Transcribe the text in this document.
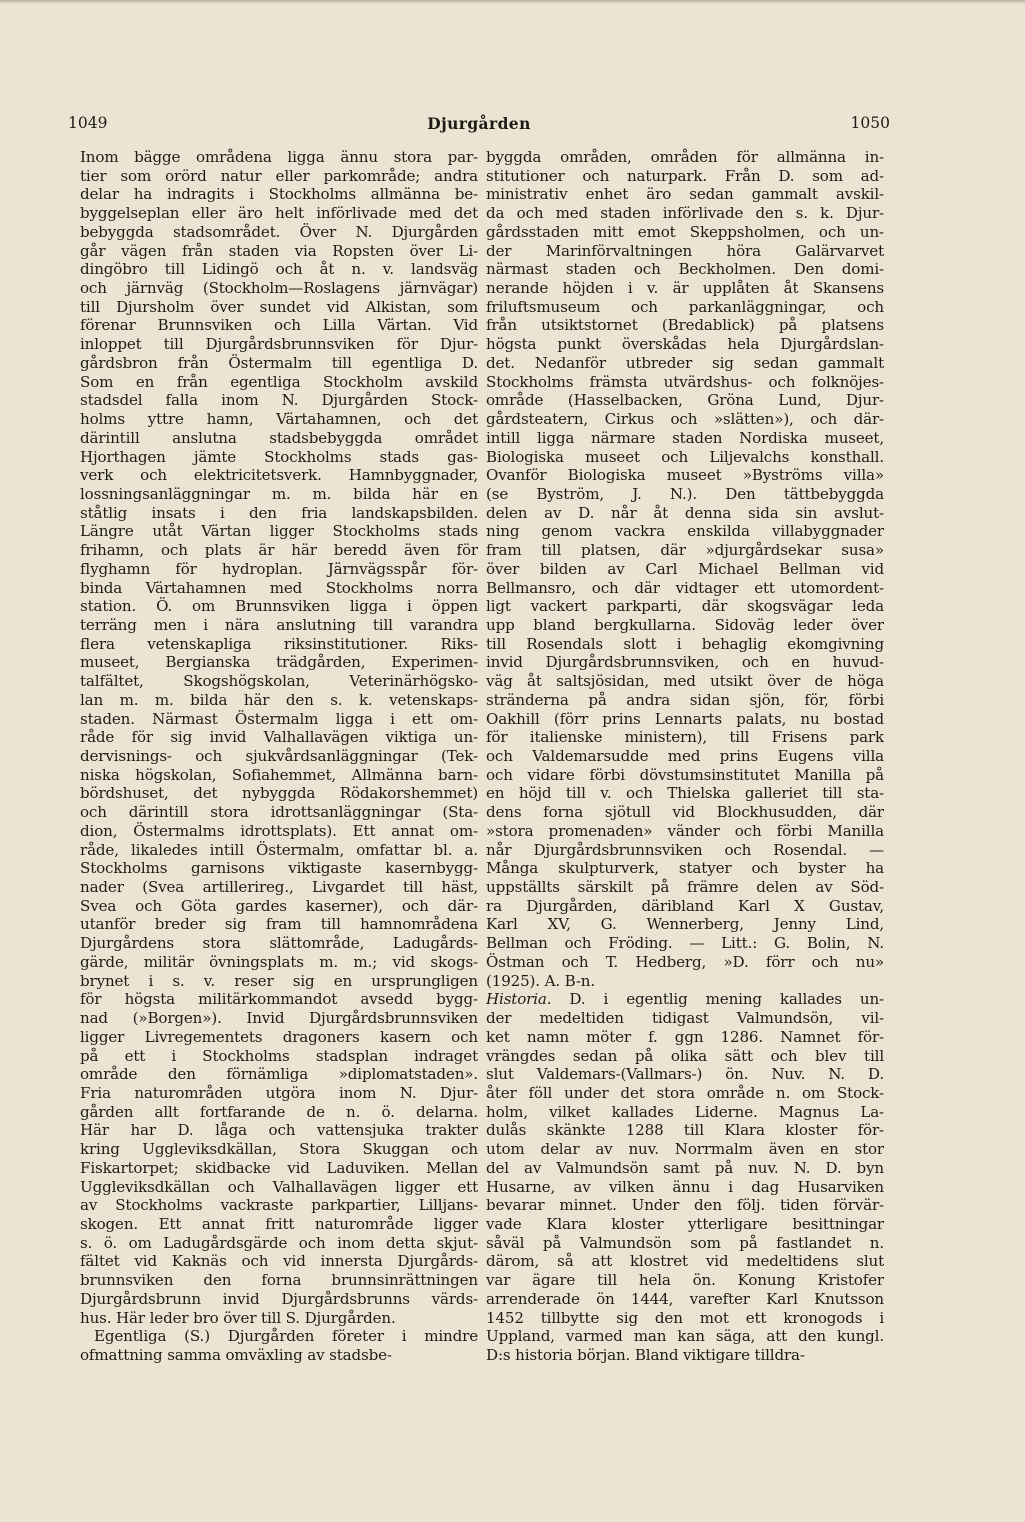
1049	Djurgården	1050
Inom bägge områdena ligga ännu stora par-
tier som orörd natur eller parkområde; andra
delar ha indragits i Stockholms allmänna be-
byggelseplan eller äro helt införlivade med det
bebyggda stadsområdet. Över N. Djurgården
går vägen från staden via Ropsten över Li-
dingöbro till Lidingö och åt n. v. landsväg
och järnväg (Stockholm—Roslagens järnvägar)
till Djursholm över sundet vid Alkistan, som
förenar Brunnsviken och Lilla Värtan. Vid
inloppet till Djurgårdsbrunnsviken för Djur-
gårdsbron från Östermalm till egentliga D.
Som en från egentliga Stockholm avskild
stadsdel falla inom N. Djurgården Stock-
holms yttre hamn, Värtahamnen, och det
därintill anslutna stadsbebyggda området
Hjorthagen jämte Stockholms stads gas-
verk och elektricitetsverk. Hamnbyggnader,
lossningsanläggningar m. m. bilda här en
ståtlig insats i den fria landskapsbilden.
Längre utåt Värtan ligger Stockholms stads
frihamn, och plats är här beredd även för
flyghamn för hydroplan. Järnvägsspår för-
binda Värtahamnen med Stockholms norra
station. Ö. om Brunnsviken ligga i öppen
terräng men i nära anslutning till varandra
flera vetenskapliga riksinstitutioner. Riks-
museet, Bergianska trädgården, Experimen-
talfältet, Skogshögskolan, Veterinärhögsko-
lan m. m. bilda här den s. k. vetenskaps-
staden. Närmast Östermalm ligga i ett om-
råde för sig invid Valhallavägen viktiga un-
dervisnings- och sjukvårdsanläggningar (Tek-
niska högskolan, Sofiahemmet, Allmänna barn-
bördshuset, det nybyggda Rödakorshemmet)
och därintill stora idrottsanläggningar (Sta-
dion, Östermalms idrottsplats). Ett annat om-
råde, likaledes intill Östermalm, omfattar bl. a.
Stockholms garnisons viktigaste kasernbygg-
nader (Svea artillerireg., Livgardet till häst,
Svea och Göta gardes kaserner), och där-
utanför breder sig fram till hamnområdena
Djurgårdens stora slättområde, Ladugårds-
gärde, militär övningsplats m. m.; vid skogs-
brynet i s. v. reser sig en ursprungligen
för högsta militärkommandot avsedd bygg-
nad (»Borgen»). Invid Djurgårdsbrunnsviken
ligger Livregementets dragoners kasern och
på ett i Stockholms stadsplan indraget
område den förnämliga »diplomatstaden».
Fria naturområden utgöra inom N. Djur-
gården allt fortfarande de n. ö. delarna.
Här har D. låga och vattensjuka trakter
kring Uggleviksdkällan, Stora Skuggan och
Fiskartorpet; skidbacke vid Laduviken. Mellan
Uggleviksdkällan och Valhallavägen ligger ett
av Stockholms vackraste parkpartier, Lilljans-
skogen. Ett annat fritt naturområde ligger
s. ö. om Ladugårdsgärde och inom detta skjut-
fältet vid Kaknäs och vid innersta Djurgårds-
brunnsviken den forna brunnsinrättningen
Djurgårdsbrunn invid Djurgårdsbrunns värds-
hus. Här leder bro över till S. Djurgården.
Egentliga (S.) Djurgården företer i mindre
ofmattning samma omväxling av stadsbe-
byggda områden, områden för allmänna in-
stitutioner och naturpark. Från D. som ad-
ministrativ enhet äro sedan gammalt avskil-
da och med staden införlivade den s. k. Djur-
gårdsstaden mitt emot Skeppsholmen, och un-
der Marinförvaltningen höra Galärvarvet
närmast staden och Beckholmen. Den domi-
nerande höjden i v. är upplåten åt Skansens
friluftsmuseum och parkanläggningar, och
från utsiktstornet (Bredablick) på platsens
högsta punkt överskådas hela Djurgårdslan-
det. Nedanför utbreder sig sedan gammalt
Stockholms främsta utvärdshus- och folknöjes-
område (Hasselbacken, Gröna Lund, Djur-
gårdsteatern, Cirkus och »slätten»), och där-
intill ligga närmare staden Nordiska museet,
Biologiska museet och Liljevalchs konsthall.
Ovanför Biologiska museet »Byströms villa»
(se Byström, J. N.). Den tättbebyggda
delen av D. når åt denna sida sin avslut-
ning genom vackra enskilda villabyggnader
fram till platsen, där »djurgårdsekar susa»
över bilden av Carl Michael Bellman vid
Bellmansro, och där vidtager ett utomordent-
ligt vackert parkparti, där skogsvägar leda
upp bland bergkullarna. Sidoväg leder över
till Rosendals slott i behaglig ekomgivning
invid Djurgårdsbrunnsviken, och en huvud-
väg åt saltsjösidan, med utsikt över de höga
stränderna på andra sidan sjön, för, förbi
Oakhill (förr prins Lennarts palats, nu bostad
för italienske ministern), till Frisens park
och Valdemarsudde med prins Eugens villa
och vidare förbi dövstumsinstitutet Manilla på
en höjd till v. och Thielska galleriet till sta-
dens forna sjötull vid Blockhusudden, där
»stora promenaden» vänder och förbi Manilla
når Djurgårdsbrunnsviken och Rosendal. —
Många skulpturverk, statyer och byster ha
uppställts särskilt på främre delen av Söd-
ra Djurgården, däribland Karl X Gustav,
Karl XV, G. Wennerberg, Jenny Lind,
Bellman och Fröding. — Litt.: G. Bolin, N.
Östman och T. Hedberg, »D. förr och nu»
(1925). A. B-n.
Historia. D. i egentlig mening kallades un-
der medeltiden tidigast Valmundsön, vil-
ket namn möter f. ggn 1286. Namnet för-
vrängdes sedan på olika sätt och blev till
slut Valdemars-(Vallmars-) ön. Nuv. N. D.
åter föll under det stora område n. om Stock-
holm, vilket kallades Liderne. Magnus La-
dulås skänkte 1288 till Klara kloster för-
utom delar av nuv. Norrmalm även en stor
del av Valmundsön samt på nuv. N. D. byn
Husarne, av vilken ännu i dag Husarviken
bevarar minnet. Under den följ. tiden förvär-
vade Klara kloster ytterligare besittningar
såväl på Valmundsön som på fastlandet n.
därom, så att klostret vid medeltidens slut
var ägare till hela ön. Konung Kristofer
arrenderade ön 1444, varefter Karl Knutsson
1452 tillbytte sig den mot ett kronogods i
Uppland, varmed man kan säga, att den kungl.
D:s historia början. Bland viktigare tilldra-
